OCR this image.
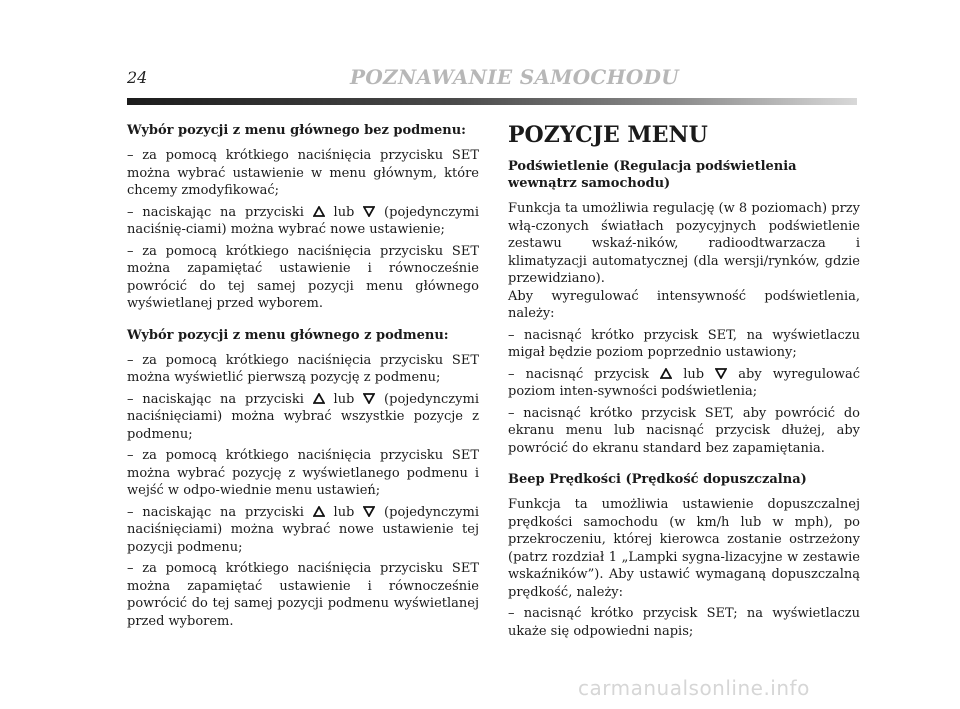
24	POZNAWANIE SAMOCHODU
Wybór pozycji z menu głównego bez podmenu:

– za pomocą krótkiego naciśnięcia przycisku SET można wybrać ustawienie w menu głównym, które chcemy zmodyfikować;

– naciskając na przyciski lub (pojedynczymi naciśnię-ciami) można wybrać nowe ustawienie;

– za pomocą krótkiego naciśnięcia przycisku SET można zapamiętać ustawienie i równocześnie powrócić do tej samej pozycji menu głównego wyświetlanej przed wyborem.

Wybór pozycji z menu głównego z podmenu:

– za pomocą krótkiego naciśnięcia przycisku SET można wyświetlić pierwszą pozycję z podmenu;

– naciskając na przyciski lub (pojedynczymi naciśnięciami) można wybrać wszystkie pozycje z podmenu;

– za pomocą krótkiego naciśnięcia przycisku SET można wybrać pozycję z wyświetlanego podmenu i wejść w odpo-wiednie menu ustawień;

– naciskając na przyciski lub (pojedynczymi naciśnięciami) można wybrać nowe ustawienie tej pozycji podmenu;

– za pomocą krótkiego naciśnięcia przycisku SET można zapamiętać ustawienie i równocześnie powrócić do tej samej pozycji podmenu wyświetlanej przed wyborem.

POZYCJE MENU
Podświetlenie (Regulacja podświetlenia wewnątrz samochodu)

Funkcja ta umożliwia regulację (w 8 poziomach) przy włą-czonych światłach pozycyjnych podświetlenie zestawu wskaź-ników, radioodtwarzacza i klimatyzacji automatycznej (dla wersji/rynków, gdzie przewidziano).

Aby wyregulować intensywność podświetlenia, należy:

– nacisnąć krótko przycisk SET, na wyświetlaczu migał będzie poziom poprzednio ustawiony;

– nacisnąć przycisk	lub	aby wyregulować poziom inten-sywności podświetlenia;

– nacisnąć krótko przycisk SET, aby powrócić do ekranu menu lub nacisnąć przycisk dłużej, aby powrócić do ekranu standard bez zapamiętania.

Beep Prędkości (Prędkość dopuszczalna)

Funkcja ta umożliwia ustawienie dopuszczalnej prędkości samochodu (w km/h lub w mph), po przekroczeniu, której kierowca zostanie ostrzeżony (patrz rozdział 1 „Lampki sygna-lizacyjne w zestawie wskaźników”). Aby ustawić wymaganą dopuszczalną prędkość, należy:

– nacisnąć krótko przycisk SET; na wyświetlaczu ukaże się odpowiedni napis;

carmanualsonline.info
